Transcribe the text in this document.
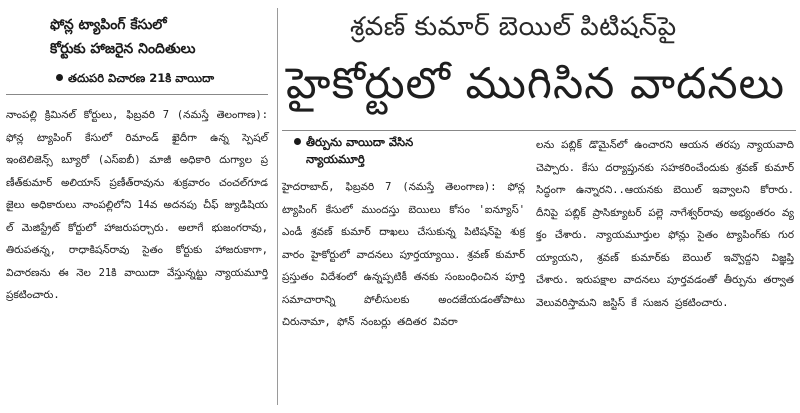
ఫోన్ల ట్యాపింగ్ కేసులో
కోర్టుకు హాజరైన నిందితులు
తదుపరి విచారణ 21కి వాయిదా
నాంపల్లి క్రిమినల్ కోర్టులు, ఫిబ్రవరి 7 (నమస్తే తెలంగాణ): ఫోన్ల ట్యాపింగ్ కేసులో రిమాండ్ ఖైదీగా ఉన్న స్పెషల్ ఇంటెలిజెన్స్ బ్యూరో (ఎస్ఐబీ) మాజీ అధికారి దుగ్యాల ప్రణీత్‌కుమార్ అలియాస్ ప్రణీత్‌రావును శుక్రవారం చంచల్‌గూడ జైలు అధికారులు నాంపల్లిలోని 14వ అదనపు చీఫ్ జ్యుడిషియల్ మెజిస్ట్రేట్ కోర్టులో హాజరుపర్చారు. అలాగే భుజంగరావు, తిరుపతన్న, రాధాకిషన్‌రావు సైతం కోర్టుకు హాజరుకాగా, విచారణను ఈ నెల 21కి వాయిదా వేస్తున్నట్టు న్యాయమూర్తి ప్రకటించారు.
శ్రవణ్ కుమార్ బెయిల్ పిటిషన్‌పై
హైకోర్టులో ముగిసిన వాదనలు
తీర్పును వాయిదా వేసిన
న్యాయమూర్తి
హైదరాబాద్, ఫిబ్రవరి 7 (నమస్తే తెలంగాణ): ఫోన్ల ట్యాపింగ్ కేసులో ముందస్తు బెయిలు కోసం 'ఐన్యూస్' ఎండీ శ్రవణ్ కుమార్ దాఖలు చేసుకున్న పిటిషన్‌పై శుక్రవారం హైకోర్టులో వాదనలు పూర్తయ్యాయి. శ్రవణ్ కుమార్ ప్రస్తుతం విదేశంలో ఉన్నప్పటికీ తనకు సంబంధించిన పూర్తి సమాచారాన్ని పోలీసులకు అందజేయడంతోపాటు చిరునామా, ఫోన్ నంబర్లు తదితర వివరా
లను పబ్లిక్ డొమైన్‌లో ఉంచారని ఆయన తరపు న్యాయవాది చెప్పారు. కేసు దర్యాప్తునకు సహకరించేందుకు శ్రవణ్ కుమార్ సిద్ధంగా ఉన్నారని..ఆయనకు బెయిల్ ఇవ్వాలని కోరారు. దీనిపై పబ్లిక్ ప్రాసిక్యూటర్ పల్లె నాగేశ్వర్‌రావు అభ్యంతరం వ్యక్తం చేశారు. న్యాయమూర్తుల ఫోన్లు సైతం ట్యాపింగ్‌కు గురయ్యాయని, శ్రవణ్ కుమార్‌కు బెయిల్ ఇవ్వొద్దని విజ్ఞప్తి చేశారు. ఇరుపక్షాల వాదనలు పూర్తవడంతో తీర్పును తర్వాత వెలువరిస్తామని జస్టిస్ కే సుజన ప్రకటించారు.
